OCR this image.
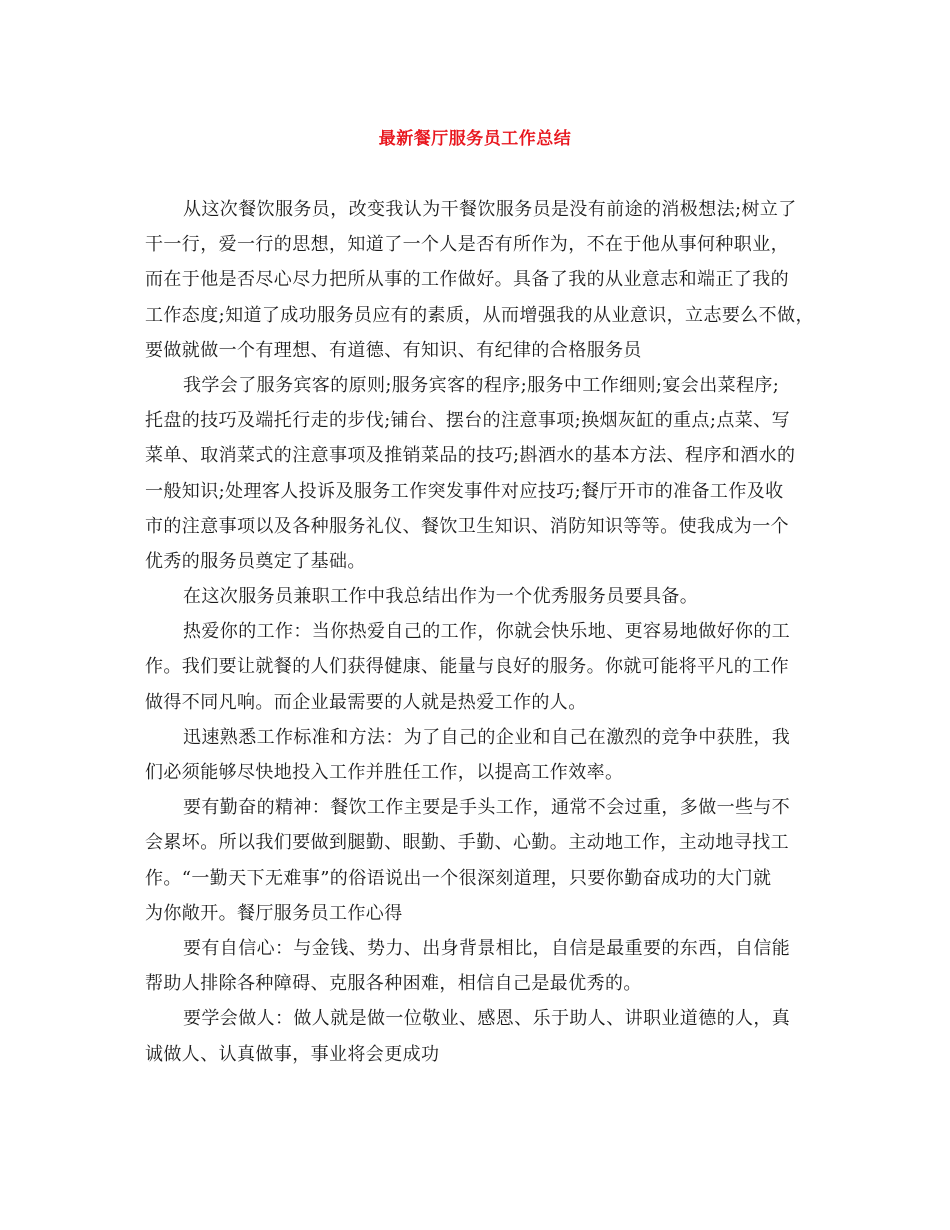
最新餐厅服务员工作总结
从这次餐饮服务员，改变我认为干餐饮服务员是没有前途的消极想法;树立了
干一行，爱一行的思想，知道了一个人是否有所作为，不在于他从事何种职业，
而在于他是否尽心尽力把所从事的工作做好。具备了我的从业意志和端正了我的
工作态度;知道了成功服务员应有的素质，从而增强我的从业意识，立志要么不做，
要做就做一个有理想、有道德、有知识、有纪律的合格服务员
我学会了服务宾客的原则;服务宾客的程序;服务中工作细则;宴会出菜程序;
托盘的技巧及端托行走的步伐;铺台、摆台的注意事项;换烟灰缸的重点;点菜、写
菜单、取消菜式的注意事项及推销菜品的技巧;斟酒水的基本方法、程序和酒水的
一般知识;处理客人投诉及服务工作突发事件对应技巧;餐厅开市的准备工作及收
市的注意事项以及各种服务礼仪、餐饮卫生知识、消防知识等等。使我成为一个
优秀的服务员奠定了基础。
在这次服务员兼职工作中我总结出作为一个优秀服务员要具备。
热爱你的工作：当你热爱自己的工作，你就会快乐地、更容易地做好你的工
作。我们要让就餐的人们获得健康、能量与良好的服务。你就可能将平凡的工作
做得不同凡响。而企业最需要的人就是热爱工作的人。
迅速熟悉工作标准和方法：为了自己的企业和自己在激烈的竞争中获胜，我
们必须能够尽快地投入工作并胜任工作，以提高工作效率。
要有勤奋的精神：餐饮工作主要是手头工作，通常不会过重，多做一些与不
会累坏。所以我们要做到腿勤、眼勤、手勤、心勤。主动地工作，主动地寻找工
作。“一勤天下无难事”的俗语说出一个很深刻道理，只要你勤奋成功的大门就
为你敞开。餐厅服务员工作心得
要有自信心：与金钱、势力、出身背景相比，自信是最重要的东西，自信能
帮助人排除各种障碍、克服各种困难，相信自己是最优秀的。
要学会做人：做人就是做一位敬业、感恩、乐于助人、讲职业道德的人，真
诚做人、认真做事，事业将会更成功
